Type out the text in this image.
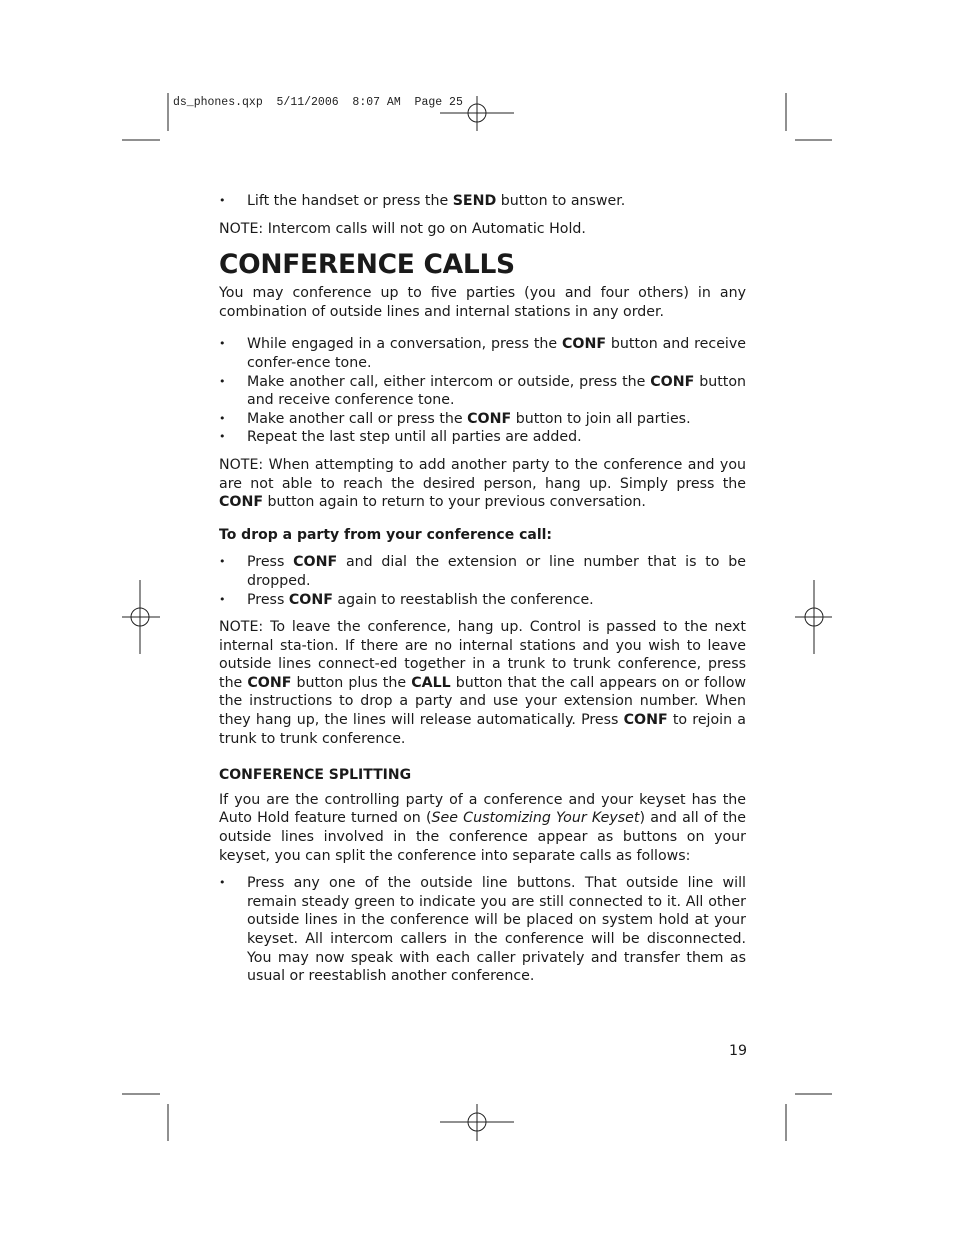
ds_phones.qxp  5/11/2006  8:07 AM  Page 25
• Lift the handset or press the SEND button to answer.

NOTE: Intercom calls will not go on Automatic Hold.

CONFERENCE CALLS

You may conference up to five parties (you and four others) in any combination of outside lines and internal stations in any order.

• While engaged in a conversation, press the CONF button and receive confer-ence tone.
• Make another call, either intercom or outside, press the CONF button and receive conference tone.
• Make another call or press the CONF button to join all parties.
• Repeat the last step until all parties are added.

NOTE: When attempting to add another party to the conference and you are not able to reach the desired person, hang up. Simply press the CONF button again to return to your previous conversation.

To drop a party from your conference call:

• Press CONF and dial the extension or line number that is to be dropped.
• Press CONF again to reestablish the conference.

NOTE: To leave the conference, hang up. Control is passed to the next internal sta-tion. If there are no internal stations and you wish to leave outside lines connect-ed together in a trunk to trunk conference, press the CONF button plus the CALL button that the call appears on or follow the instructions to drop a party and use your extension number. When they hang up, the lines will release automatically. Press CONF to rejoin a trunk to trunk conference.

CONFERENCE SPLITTING

If you are the controlling party of a conference and your keyset has the Auto Hold feature turned on (See Customizing Your Keyset) and all of the outside lines involved in the conference appear as buttons on your keyset, you can split the conference into separate calls as follows:

• Press any one of the outside line buttons. That outside line will remain steady green to indicate you are still connected to it. All other outside lines in the conference will be placed on system hold at your keyset. All intercom callers in the conference will be disconnected. You may now speak with each caller privately and transfer them as usual or reestablish another conference.
19
